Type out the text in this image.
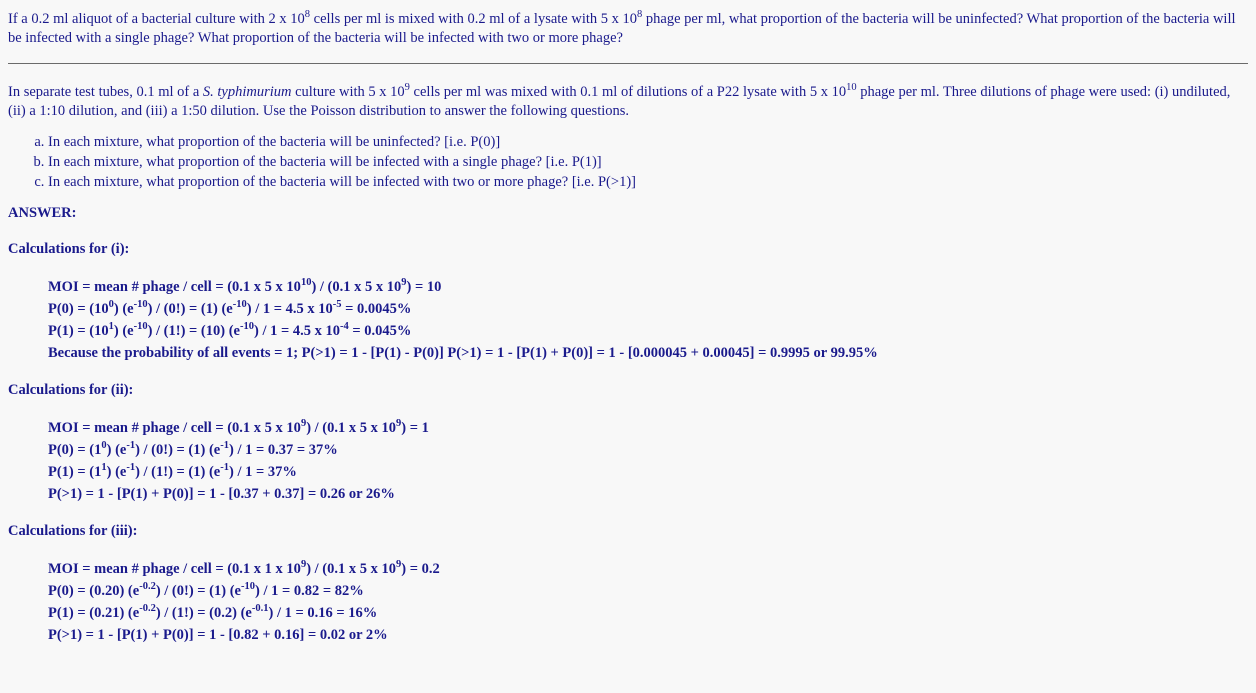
If a 0.2 ml aliquot of a bacterial culture with 2 x $10^8$ cells per ml is mixed with 0.2 ml of a lysate with 5 x $10^8$ phage per ml, what proportion of the bacteria will be uninfected? What proportion of the bacteria will be infected with a single phage? What proportion of the bacteria will be infected with two or more phage?

In separate test tubes, 0.1 ml of a S. typhimurium culture with 5 x $10^9$ cells per ml was mixed with 0.1 ml of dilutions of a P22 lysate with 5 x $10^{10}$ phage per ml. Three dilutions of phage were used: (i) undiluted, (ii) a 1:10 dilution, and (iii) a 1:50 dilution. Use the Poisson distribution to answer the following questions.

a. In each mixture, what proportion of the bacteria will be uninfected? [i.e. P(0)]
b. In each mixture, what proportion of the bacteria will be infected with a single phage? [i.e. P(1)]
c. In each mixture, what proportion of the bacteria will be infected with two or more phage? [i.e. P(>1)]

ANSWER:

Calculations for (i):

MOI = mean # phage / cell = (0.1 x 5 x $10^{10}) / (0.1$ x 5 x $10^9) = 10$
$P(0) = (10^0)$ $(e^{-10}) / (0!) = (1)$ $(e^{-10}) / 1 = 4.5$ x $10^{-5} = 0.0045\%$
$P(1) = (10^1)$ $(e^{-10}) / (1!) = (10)$ $(e^{-10}) / 1 = 4.5$ x $10^{-4} = 0.045\%$
Because the probability of all events = 1; P(>1) = 1 - [P(1) - P(0)] P(>1) = 1 - [P(1) + P(0)] = 1 - [0.000045 + 0.00045] = 0.9995 or 99.95%

Calculations for (ii):

MOI = mean # phage / cell = (0.1 x 5 x $10^9) / (0.1$ x 5 x $10^9) = 1$
$P(0) = (1^0)$ $(e^{-1}) / (0!) = (1)$ $(e^{-1}) / 1 = 0.37 = 37\%$
$P(1) = (1^1)$ $(e^{-1}) / (1!) = (1)$ $(e^{-1}) / 1 = 37\%$
P(>1) = 1 - [P(1) + P(0)] = 1 - [0.37 + 0.37] = 0.26 or 26%

Calculations for (iii):

MOI = mean # phage / cell = (0.1 x 1 x $10^9) / (0.1$ x 5 x $10^9) = 0.2$
P(0) = (0.20) $(e^{-0.2}) / (0!) = (1)$ $(e^{-10}) / 1 = 0.82 = 82\%$
P(1) = (0.21) $(e^{-0.2}) / (1!) = (0.2)$ $(e^{-0.1}) / 1 = 0.16 = 16\%$
P(>1) = 1 - [P(1) + P(0)] = 1 - [0.82 + 0.16] = 0.02 or 2%
